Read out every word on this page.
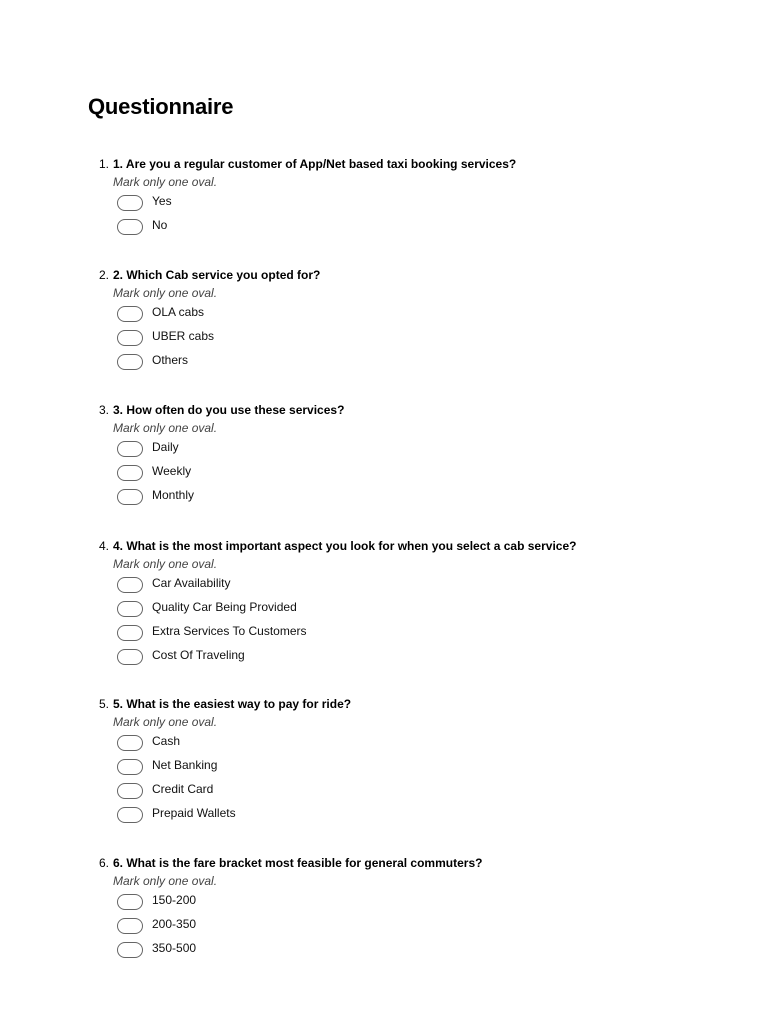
Questionnaire
1. 1. Are you a regular customer of App/Net based taxi booking services?
Mark only one oval.
Yes
No
2. 2. Which Cab service you opted for?
Mark only one oval.
OLA cabs
UBER cabs
Others
3. 3. How often do you use these services?
Mark only one oval.
Daily
Weekly
Monthly
4. 4. What is the most important aspect you look for when you select a cab service?
Mark only one oval.
Car Availability
Quality Car Being Provided
Extra Services To Customers
Cost Of Traveling
5. 5. What is the easiest way to pay for ride?
Mark only one oval.
Cash
Net Banking
Credit Card
Prepaid Wallets
6. 6. What is the fare bracket most feasible for general commuters?
Mark only one oval.
150-200
200-350
350-500
